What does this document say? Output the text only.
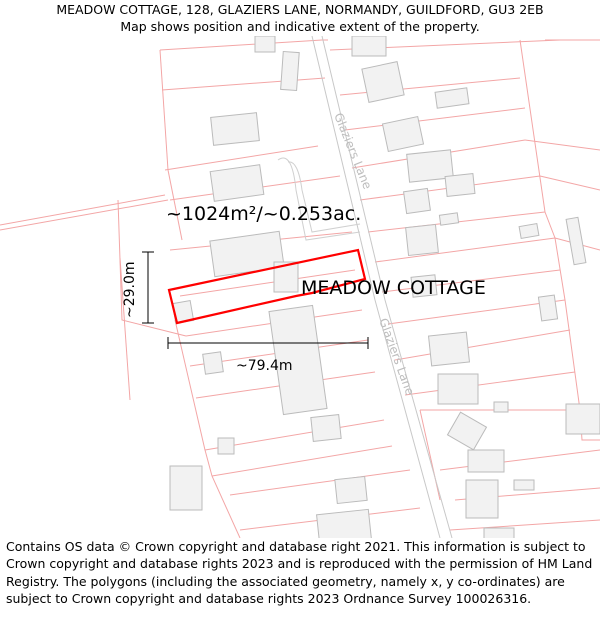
MEADOW COTTAGE, 128, GLAZIERS LANE, NORMANDY, GUILDFORD, GU3 2EB
Map shows position and indicative extent of the property.
Glaziers Lane
Glaziers Lane
~1024m²/~0.253ac.
MEADOW COTTAGE
~29.0m
~79.4m
Contains OS data © Crown copyright and database right 2021. This information is subject to Crown copyright and database rights 2023 and is reproduced with the permission of HM Land Registry. The polygons (including the associated geometry, namely x, y co-ordinates) are subject to Crown copyright and database rights 2023 Ordnance Survey 100026316.
